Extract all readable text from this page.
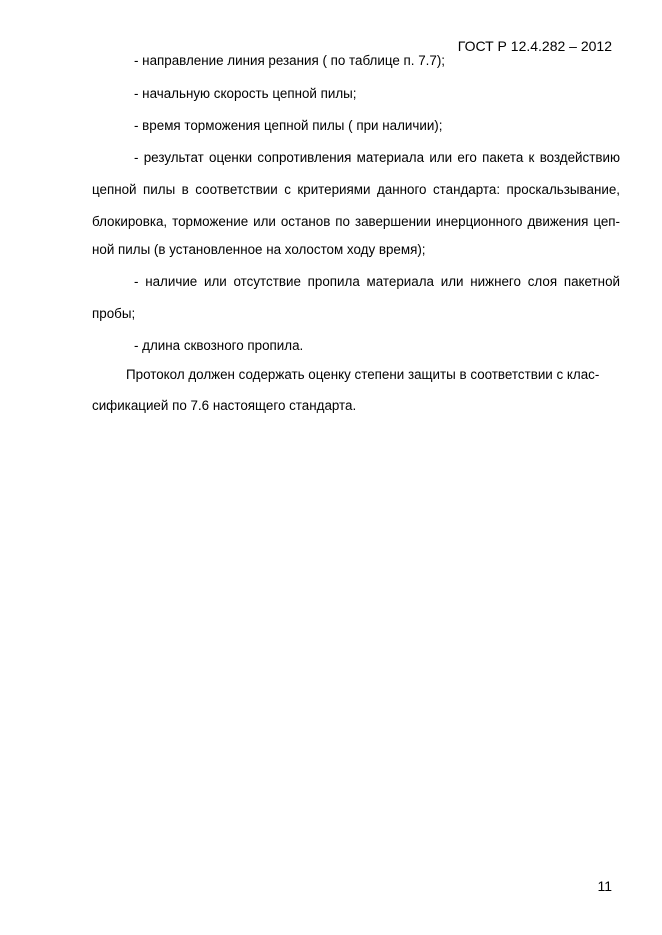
ГОСТ Р 12.4.282 – 2012
- направление линия резания ( по таблице п. 7.7);
- начальную скорость цепной пилы;
- время торможения цепной пилы ( при наличии);
- результат оценки сопротивления материала или его пакета к воздействию
цепной пилы в соответствии с критериями данного стандарта: проскальзывание,
блокировка, торможение или останов по завершении инерционного движения цеп-
ной пилы (в установленное на холостом ходу время);
- наличие или отсутствие пропила материала или нижнего слоя пакетной
пробы;
- длина сквозного пропила.
Протокол должен содержать оценку степени защиты в соответствии с клас-
сификацией по 7.6 настоящего стандарта.
11
